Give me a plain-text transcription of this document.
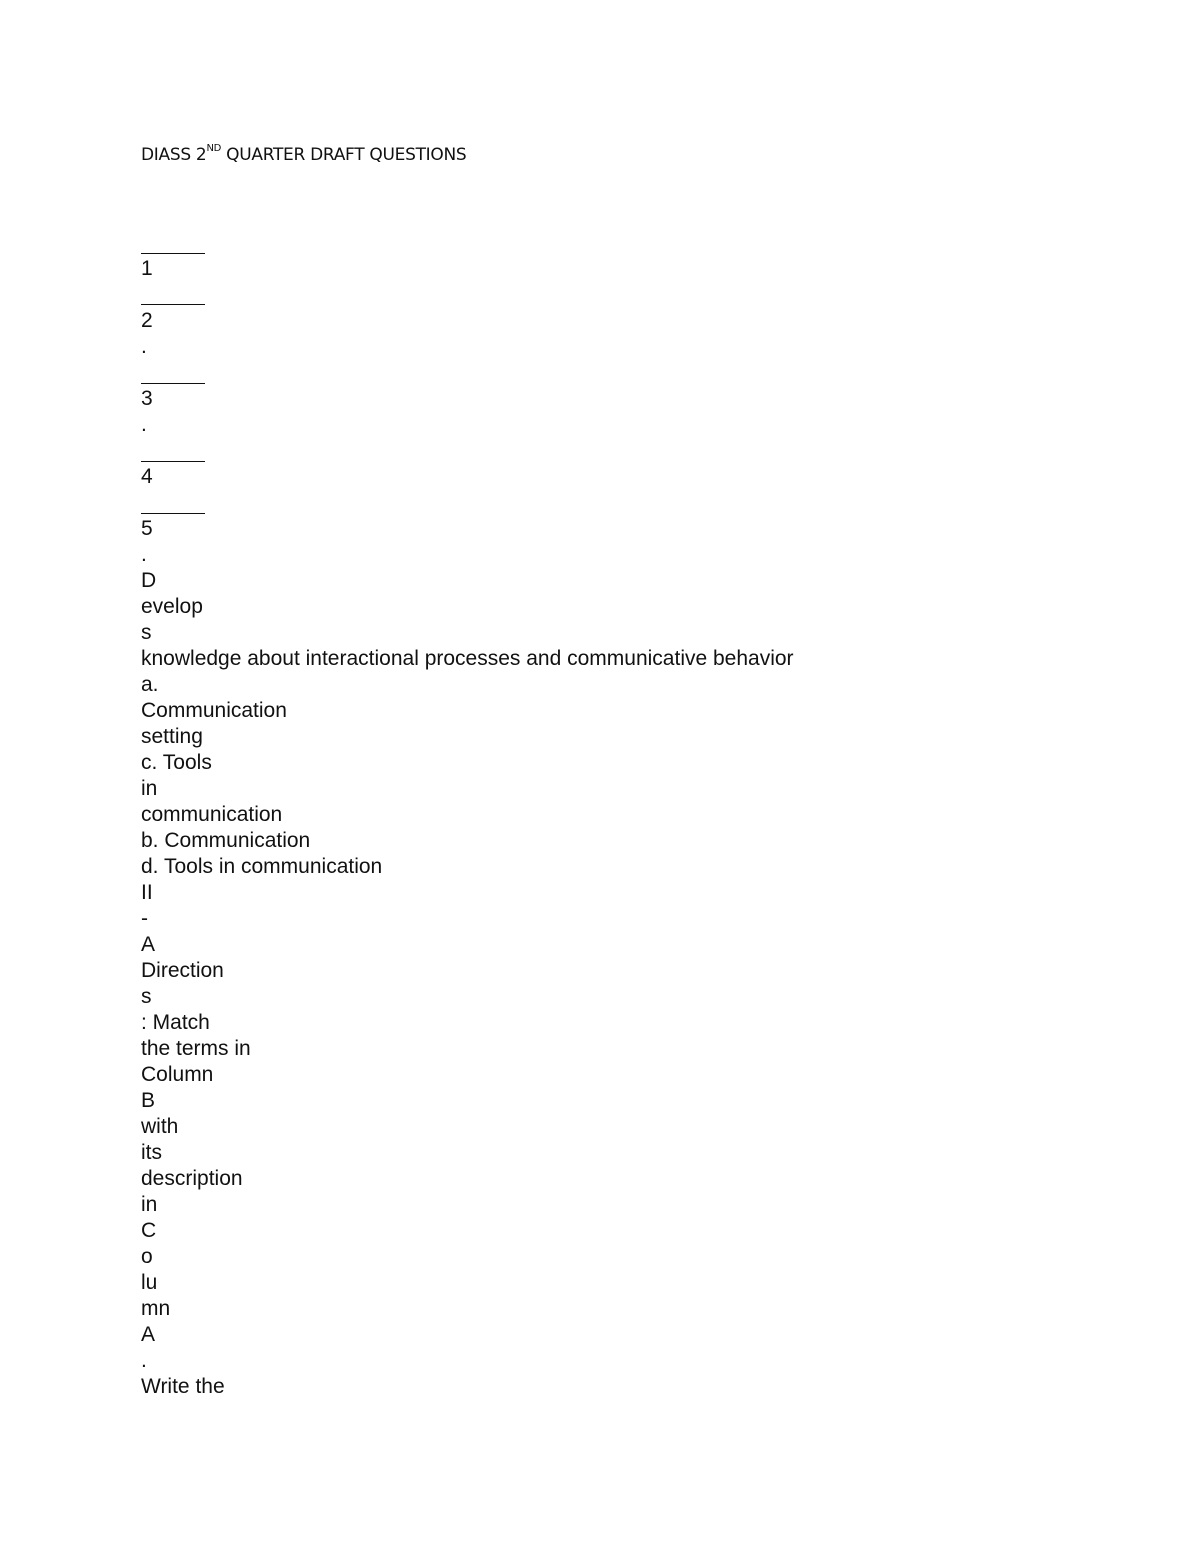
DIASS 2ND QUARTER DRAFT QUESTIONS
1
2
.
3
.
4
5
.
D
evelop
s
knowledge about interactional processes and communicative behavior
a.
Communication
setting
c. Tools
in
communication
b. Communication
d. Tools in communication
II
-
A
Direction
s
: Match
the terms in
Column
B
with
its
description
in
C
o
lu
mn
A
.
Write the
